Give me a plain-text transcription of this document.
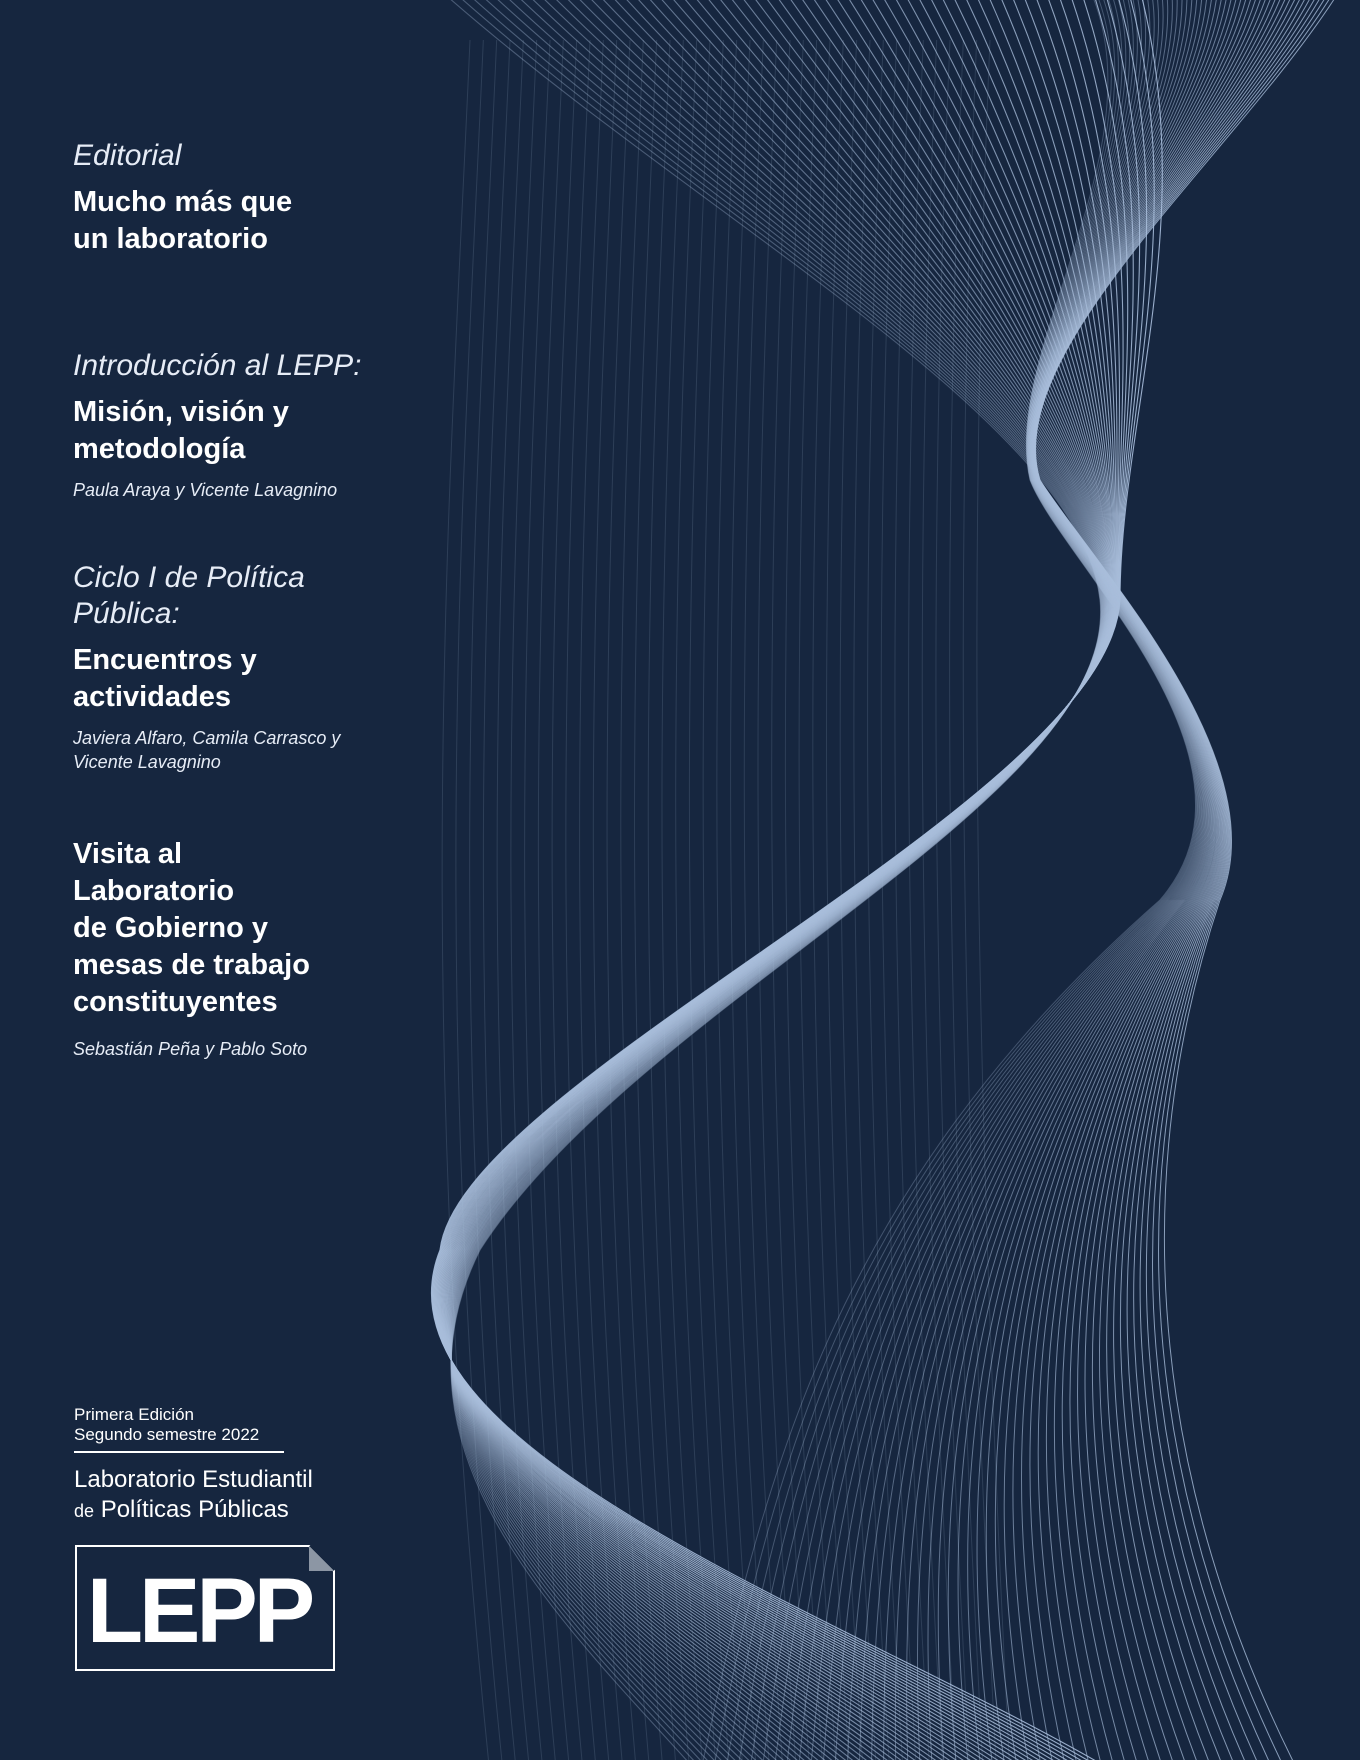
Editorial

Mucho más que
un laboratorio

Introducción al LEPP:

Misión, visión y
metodología

Paula Araya y Vicente Lavagnino

Ciclo I de Política
Pública:

Encuentros y
actividades

Javiera Alfaro, Camila Carrasco y
Vicente Lavagnino

Visita al
Laboratorio
de Gobierno y
mesas de trabajo
constituyentes

Sebastián Peña y Pablo Soto

Primera Edición
Segundo semestre 2022
Laboratorio Estudiantil
de Políticas Públicas
LEPP
